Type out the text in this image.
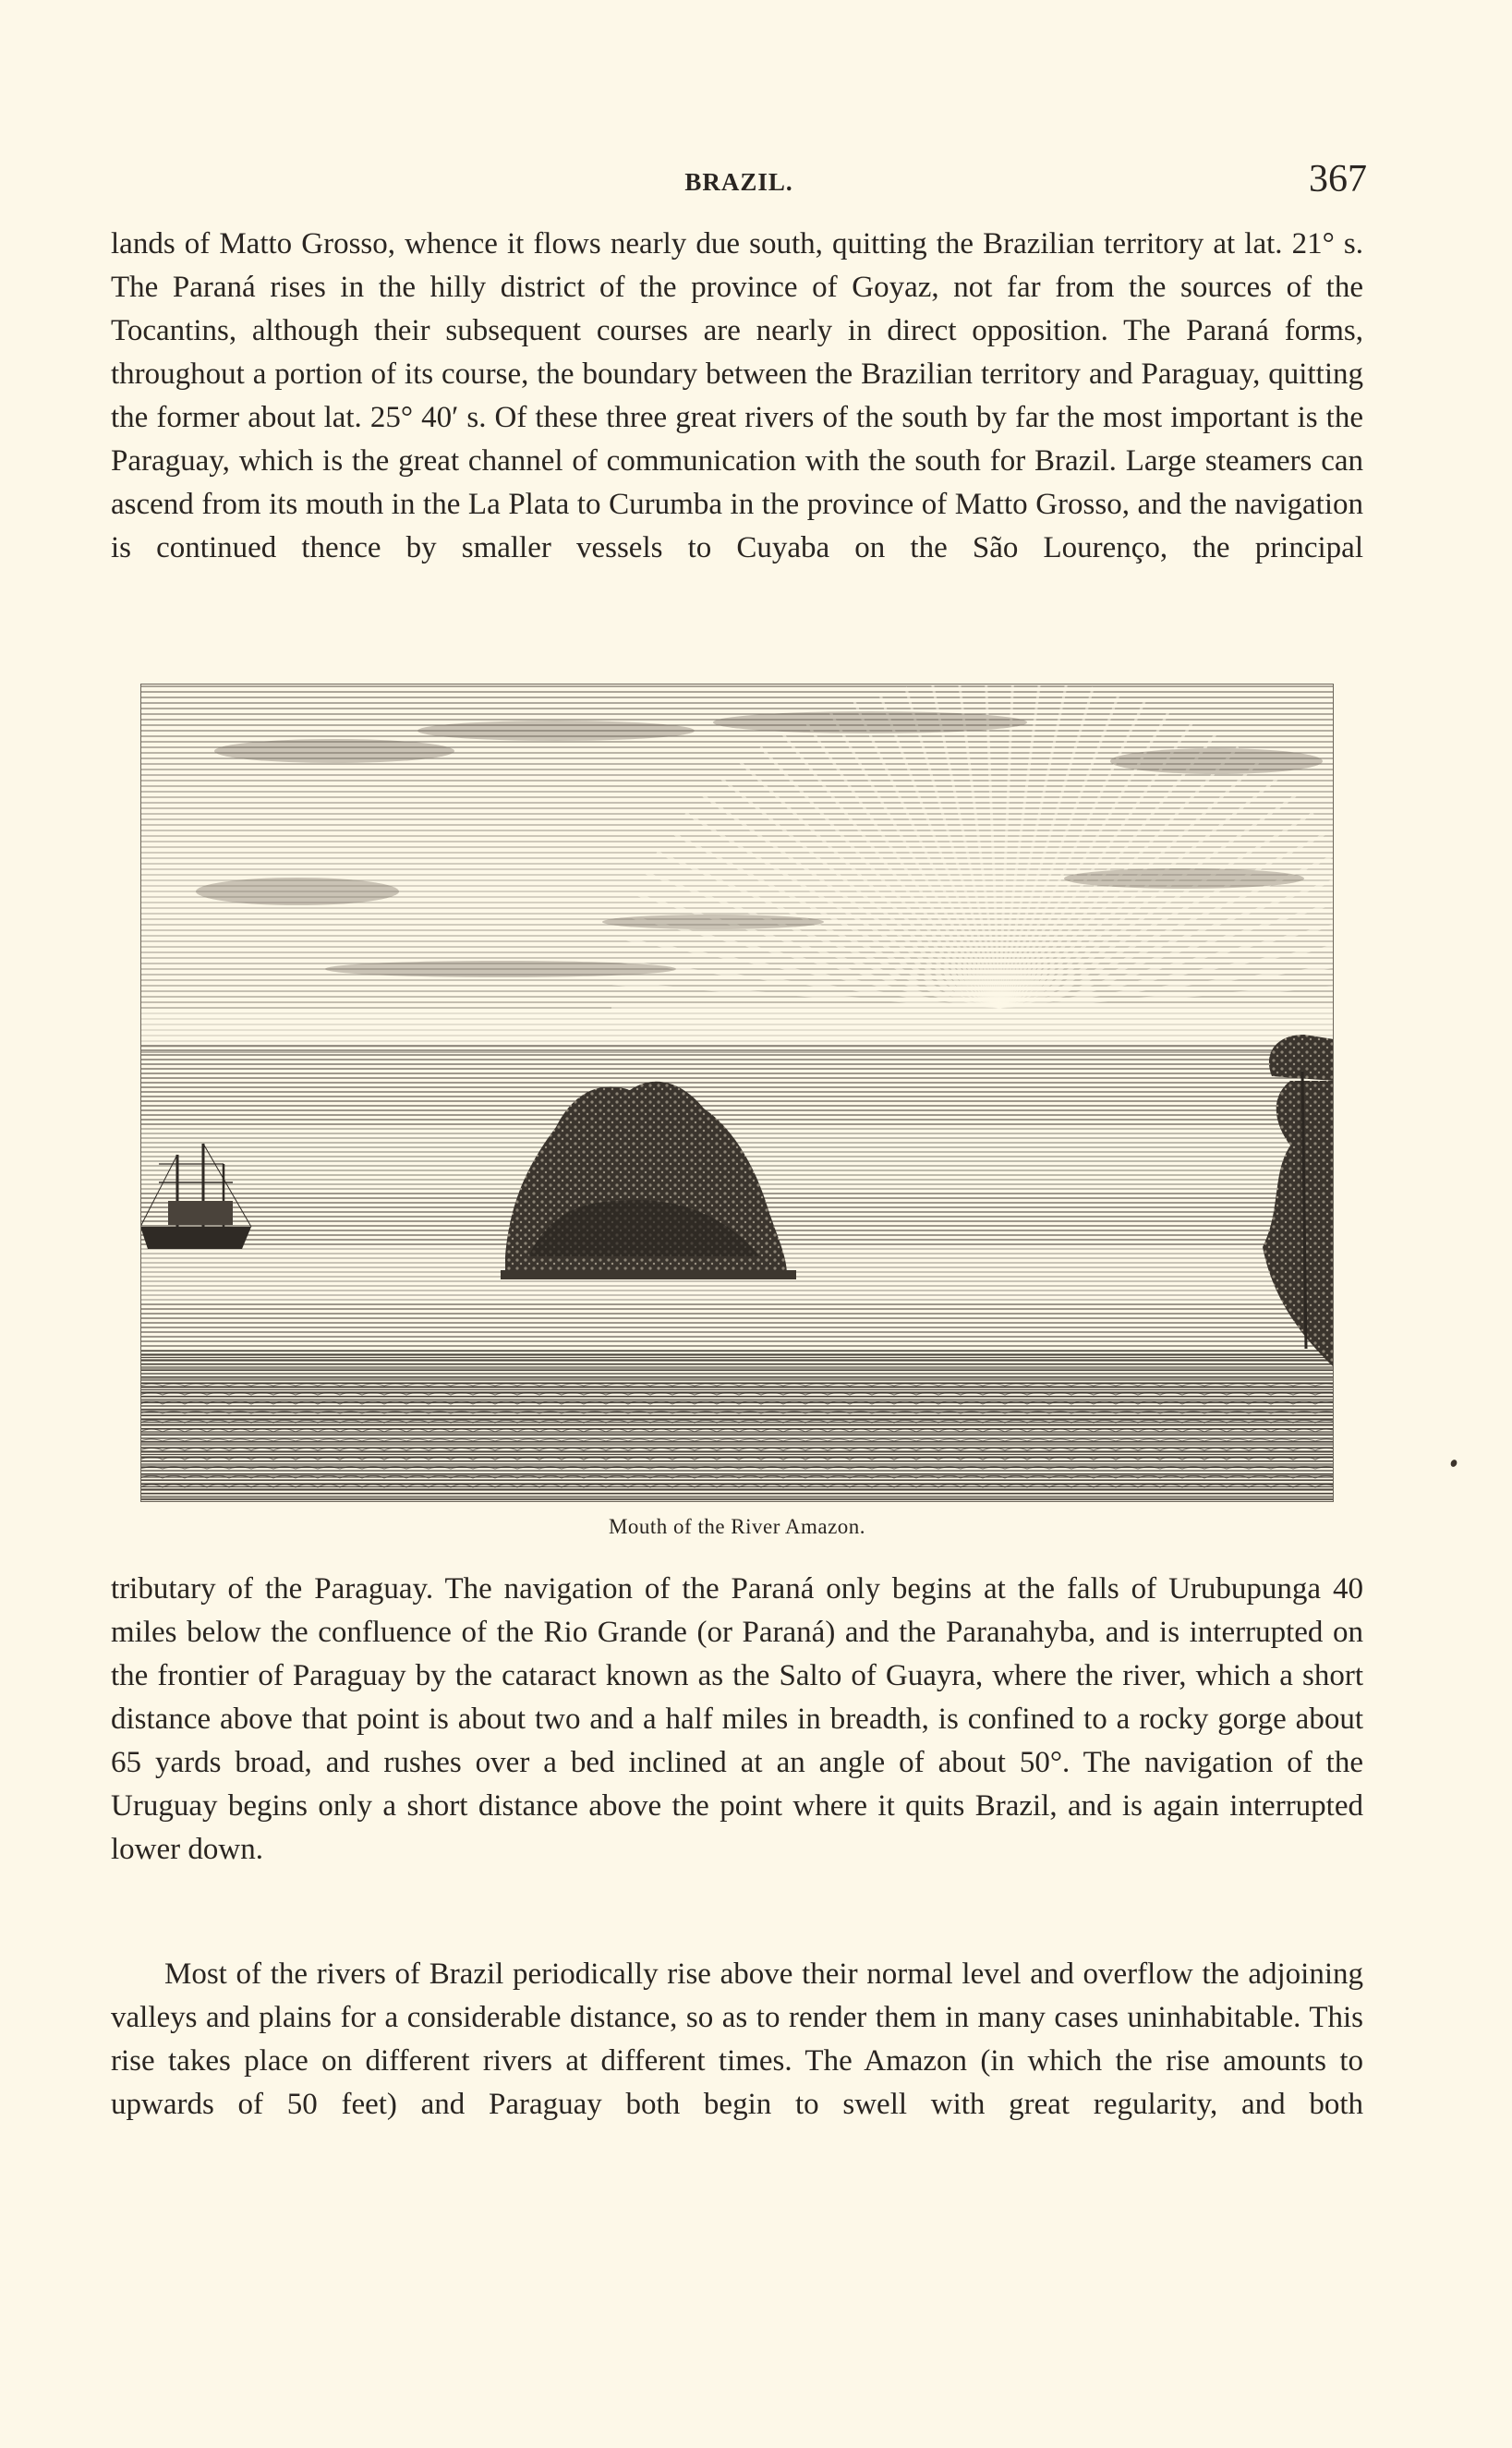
BRAZIL.	367

lands of Matto Grosso, whence it flows nearly due south, quitting the Brazilian territory at lat. 21° s. The Paraná rises in the hilly district of the province of Goyaz, not far from the sources of the Tocantins, although their subsequent courses are nearly in direct opposition. The Paraná forms, throughout a portion of its course, the boundary between the Brazilian territory and Paraguay, quitting the former about lat. 25° 40′ s. Of these three great rivers of the south by far the most important is the Paraguay, which is the great channel of communication with the south for Brazil. Large steamers can ascend from its mouth in the La Plata to Curumba in the province of Matto Grosso, and the navigation is continued thence by smaller vessels to Cuyaba on the São Lourenço, the principal

Mouth of the River Amazon.

tributary of the Paraguay. The navigation of the Paraná only begins at the falls of Urubupunga 40 miles below the confluence of the Rio Grande (or Paraná) and the Paranahyba, and is interrupted on the frontier of Paraguay by the cataract known as the Salto of Guayra, where the river, which a short distance above that point is about two and a half miles in breadth, is confined to a rocky gorge about 65 yards broad, and rushes over a bed inclined at an angle of about 50°. The navigation of the Uruguay begins only a short distance above the point where it quits Brazil, and is again interrupted lower down.

Most of the rivers of Brazil periodically rise above their normal level and overflow the adjoining valleys and plains for a considerable distance, so as to render them in many cases uninhabitable. This rise takes place on different rivers at different times. The Amazon (in which the rise amounts to upwards of 50 feet) and Paraguay both begin to swell with great regularity, and both
